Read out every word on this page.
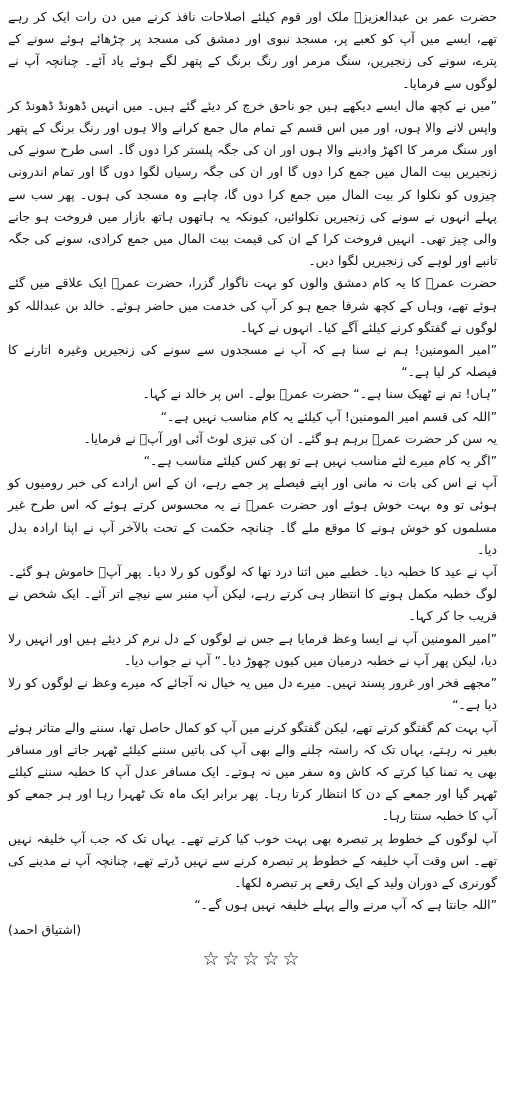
حضرت عمر بن عبدالعزیزؒ ملک اور قوم کیلئے اصلاحات نافذ کرنے میں دن رات ایک کر رہے تھے، ایسے میں آپ کو کعبے پر، مسجد نبوی اور دمشق کی مسجد پر چڑھائے ہوئے سونے کے پترے، سونے کی زنجیریں، سنگ مرمر اور رنگ برنگ کے پتھر لگے ہوئے یاد آئے۔ چنانچہ آپ نے لوگوں سے فرمایا۔

”میں نے کچھ مال ایسے دیکھے ہیں جو ناحق خرچ کر دیئے گئے ہیں۔ میں انہیں ڈھونڈ ڈھونڈ کر واپس لانے والا ہوں، اور میں اس قسم کے تمام مال جمع کرانے والا ہوں اور رنگ برنگ کے پتھر اور سنگ مرمر کا اکھڑ وادینے والا ہوں اور ان کی جگہ پلستر کرا دوں گا۔ اسی طرح سونے کی زنجیریں بیت المال میں جمع کرا دوں گا اور ان کی جگہ رسیاں لگوا دوں گا اور تمام اندرونی چیزوں کو نکلوا کر بیت المال میں جمع کرا دوں گا، چاہے وہ مسجد کی ہوں۔ پھر سب سے پہلے انہوں نے سونے کی زنجیریں نکلوائیں، کیونکہ یہ ہاتھوں ہاتھ بازار میں فروخت ہو جانے والی چیز تھی۔ انہیں فروخت کرا کے ان کی قیمت بیت المال میں جمع کرادی، سونے کی جگہ تانبے اور لوہے کی زنجیریں لگوا دیں۔

حضرت عمرؒ کا یہ کام دمشق والوں کو بہت ناگوار گزرا، حضرت عمرؒ ایک علاقے میں گئے ہوئے تھے، وہاں کے کچھ شرفا جمع ہو کر آپ کی خدمت میں حاضر ہوئے۔ خالد بن عبداللہ کو لوگوں نے گفتگو کرنے کیلئے آگے کیا۔ انہوں نے کہا۔

”امیر المومنین! ہم نے سنا ہے کہ آپ نے مسجدوں سے سونے کی زنجیریں وغیرہ اتارنے کا فیصلہ کر لیا ہے۔“

”ہاں! تم نے ٹھیک سنا ہے۔“ حضرت عمرؒ بولے۔ اس پر خالد نے کہا۔

”اللہ کی قسم امیر المومنین! آپ کیلئے یہ کام مناسب نہیں ہے۔“

یہ سن کر حضرت عمرؒ برہم ہو گئے۔ ان کی تیزی لوٹ آئی اور آپؒ نے فرمایا۔

”اگر یہ کام میرے لئے مناسب نہیں ہے تو پھر کس کیلئے مناسب ہے۔“

آپ نے اس کی بات نہ مانی اور اپنے فیصلے پر جمے رہے، ان کے اس ارادے کی خبر رومیوں کو ہوئی تو وہ بہت خوش ہوئے اور حضرت عمرؒ نے یہ محسوس کرتے ہوئے کہ اس طرح غیر مسلموں کو خوش ہونے کا موقع ملے گا۔ چنانچہ حکمت کے تحت بالآخر آپ نے اپنا ارادہ بدل دیا۔

آپ نے عید کا خطبہ دیا۔ خطبے میں اتنا درد تھا کہ لوگوں کو رلا دیا۔ پھر آپؒ خاموش ہو گئے۔ لوگ خطبہ مکمل ہونے کا انتظار ہی کرتے رہے، لیکن آپ منبر سے نیچے اتر آئے۔ ایک شخص نے قریب جا کر کہا۔

”امیر المومنین آپ نے ایسا وعظ فرمایا ہے جس نے لوگوں کے دل نرم کر دیئے ہیں اور انہیں رلا دیا، لیکن پھر آپ نے خطبہ درمیان میں کیوں چھوڑ دیا۔“ آپ نے جواب دیا۔

”مجھے فخر اور غرور پسند نہیں۔ میرے دل میں یہ خیال نہ آجائے کہ میرے وعظ نے لوگوں کو رلا دیا ہے۔“

آپ بہت کم گفتگو کرتے تھے، لیکن گفتگو کرنے میں آپ کو کمال حاصل تھا، سننے والے متاثر ہوئے بغیر نہ رہتے، یہاں تک کہ راستہ چلنے والے بھی آپ کی باتیں سننے کیلئے ٹھہر جاتے اور مسافر بھی یہ تمنا کیا کرتے کہ کاش وہ سفر میں نہ ہوتے۔ ایک مسافر عدل آپ کا خطبہ سننے کیلئے ٹھہر گیا اور جمعے کے دن کا انتظار کرتا رہا۔ پھر برابر ایک ماہ تک ٹھہرا رہا اور ہر جمعے کو آپ کا خطبہ سنتا رہا۔

آپ لوگوں کے خطوط پر تبصرہ بھی بہت خوب کیا کرتے تھے۔ یہاں تک کہ جب آپ خلیفہ نہیں تھے۔ اس وقت آپ خلیفہ کے خطوط پر تبصرہ کرنے سے نہیں ڈرتے تھے، چنانچہ آپ نے مدینے کی گورنری کے دوران ولید کے ایک رقعے پر تبصرہ لکھا۔

”اللہ جانتا ہے کہ آپ مرنے والے پہلے خلیفہ نہیں ہوں گے۔“

(اشتیاق احمد)

☆☆☆☆☆
